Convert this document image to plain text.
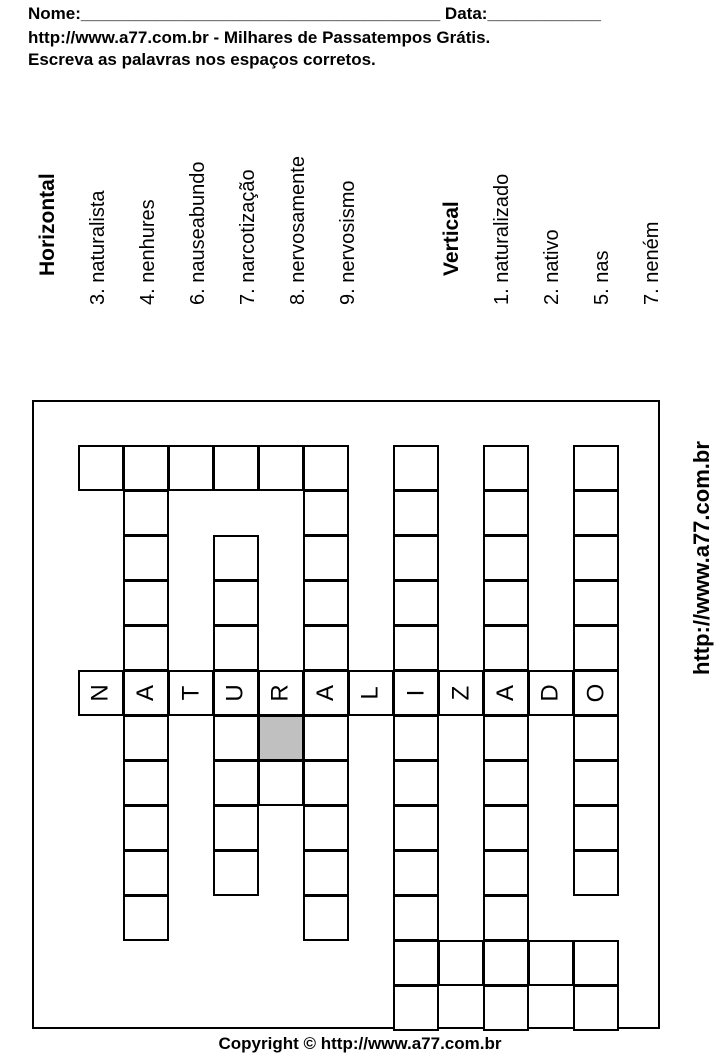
Nome:______________________________________ Data:____________
http://www.a77.com.br - Milhares de Passatempos Grátis.
Escreva as palavras nos espaços corretos.
Horizontal 3. naturalista 4. nenhures 6. nauseabundo 7. narcotização 8. nervosamente 9. nervosismo	Vertical 1. naturalizado 2. nativo 5. nas 7. neném
http://www.a77.com.br
N A T U R A L I Z A D O
Copyright © http://www.a77.com.br
